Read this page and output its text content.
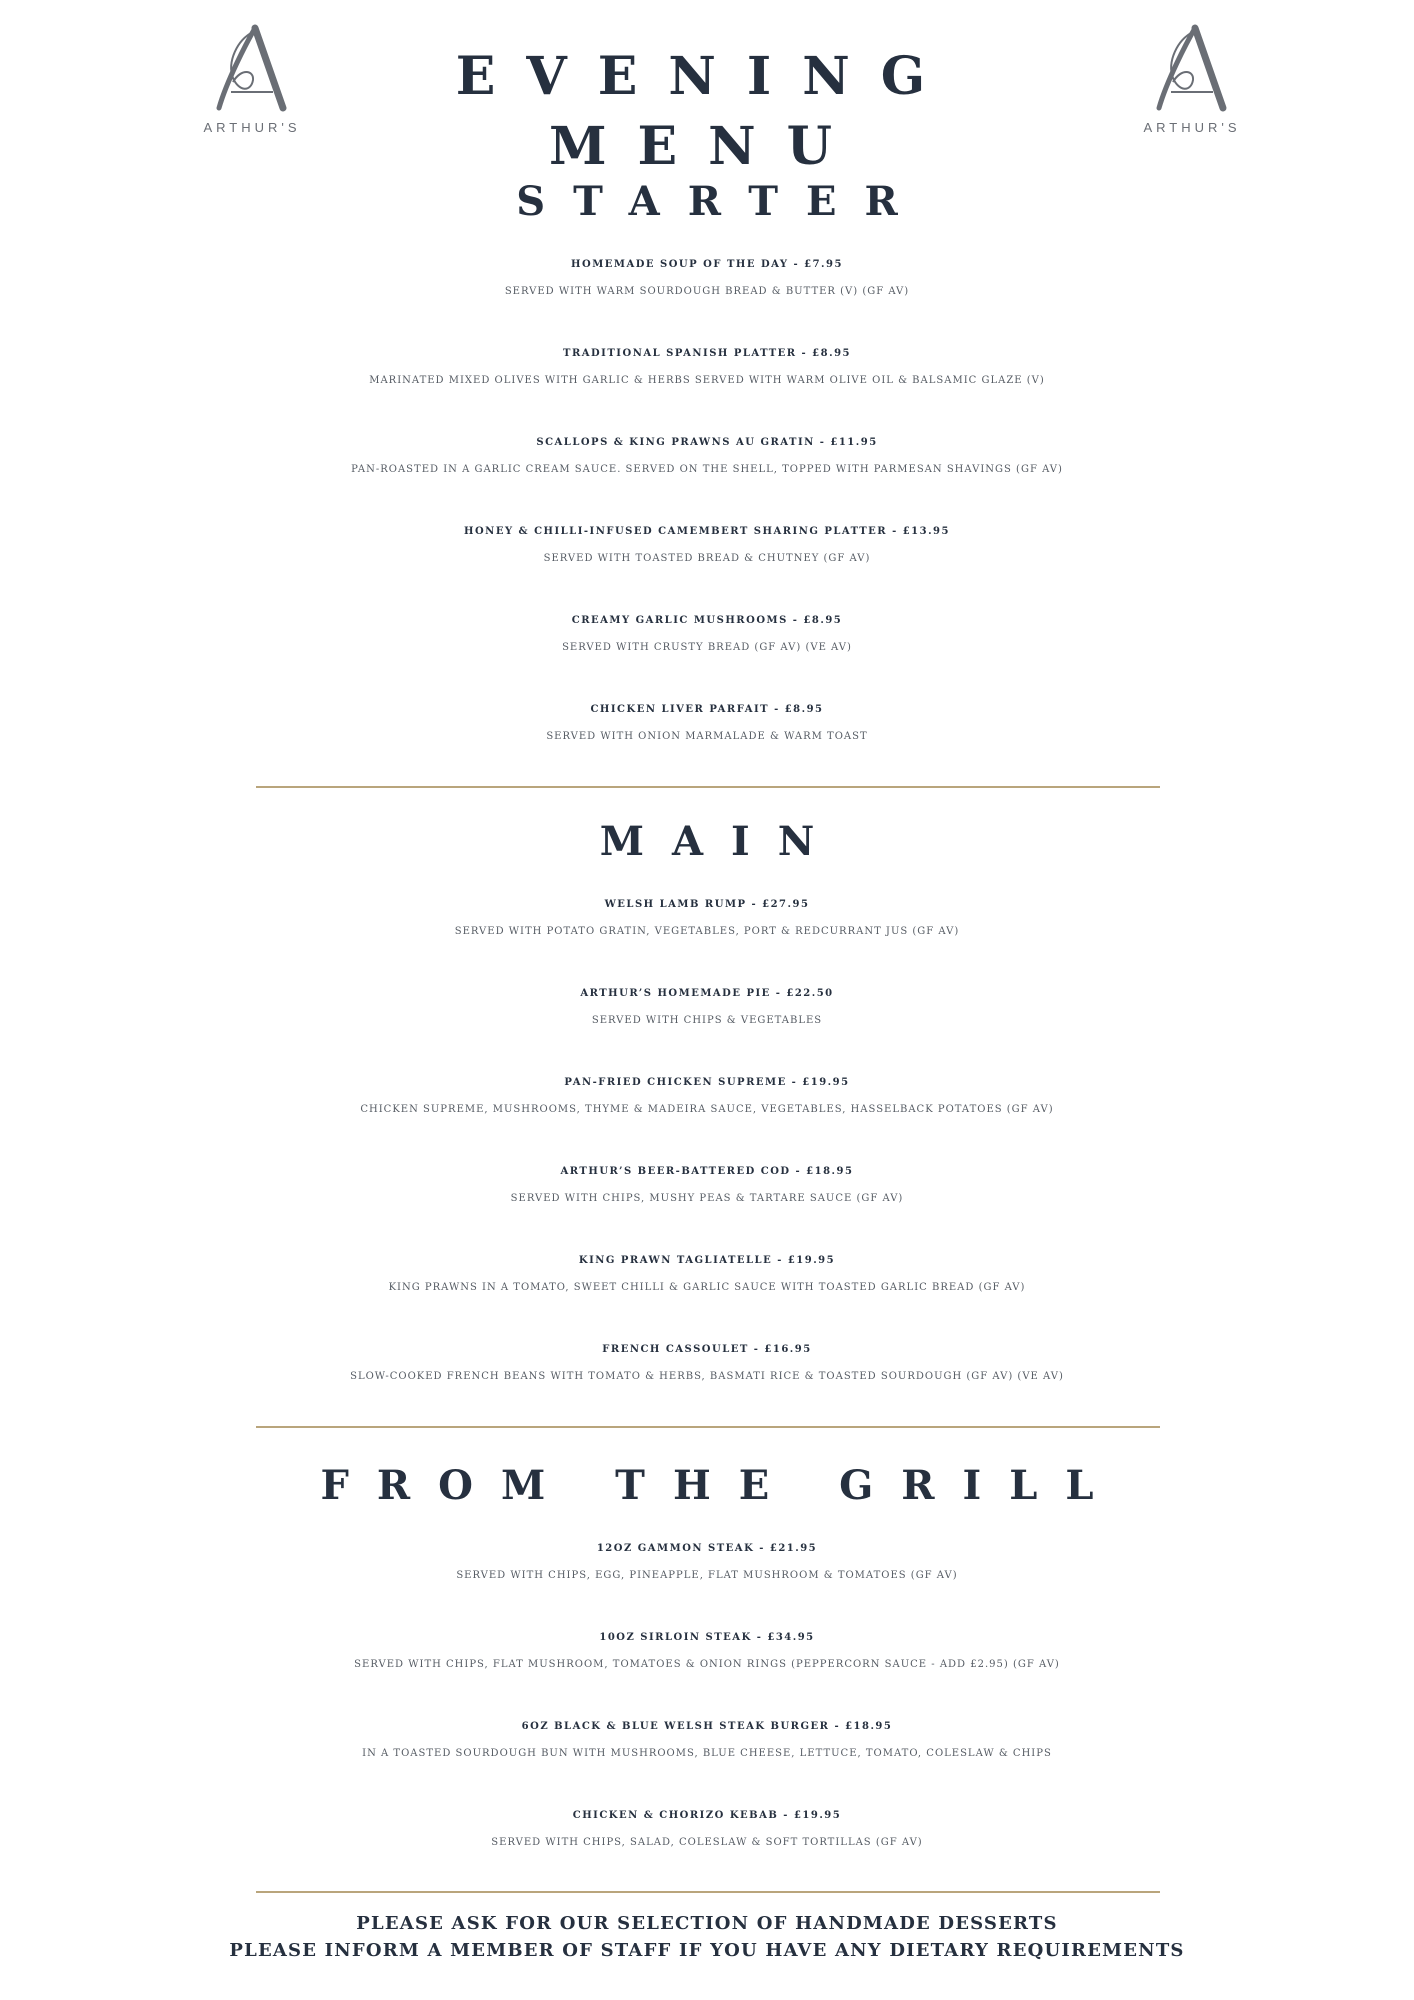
ARTHUR'S
EVENING MENU	ARTHUR'S
STARTER
HOMEMADE SOUP OF THE DAY - £7.95
SERVED WITH WARM SOURDOUGH BREAD & BUTTER (V) (GF AV)
TRADITIONAL SPANISH PLATTER - £8.95
MARINATED MIXED OLIVES WITH GARLIC & HERBS SERVED WITH WARM OLIVE OIL & BALSAMIC GLAZE (V)
SCALLOPS & KING PRAWNS AU GRATIN - £11.95
PAN-ROASTED IN A GARLIC CREAM SAUCE. SERVED ON THE SHELL, TOPPED WITH PARMESAN SHAVINGS (GF AV)
HONEY & CHILLI-INFUSED CAMEMBERT SHARING PLATTER - £13.95
SERVED WITH TOASTED BREAD & CHUTNEY (GF AV)
CREAMY GARLIC MUSHROOMS - £8.95
SERVED WITH CRUSTY BREAD (GF AV) (VE AV)
CHICKEN LIVER PARFAIT - £8.95
SERVED WITH ONION MARMALADE & WARM TOAST
MAIN
WELSH LAMB RUMP - £27.95
SERVED WITH POTATO GRATIN, VEGETABLES, PORT & REDCURRANT JUS (GF AV)
ARTHUR’S HOMEMADE PIE - £22.50
SERVED WITH CHIPS & VEGETABLES
PAN-FRIED CHICKEN SUPREME - £19.95
CHICKEN SUPREME, MUSHROOMS, THYME & MADEIRA SAUCE, VEGETABLES, HASSELBACK POTATOES (GF AV)
ARTHUR’S BEER-BATTERED COD - £18.95
SERVED WITH CHIPS, MUSHY PEAS & TARTARE SAUCE (GF AV)
KING PRAWN TAGLIATELLE - £19.95
KING PRAWNS IN A TOMATO, SWEET CHILLI & GARLIC SAUCE WITH TOASTED GARLIC BREAD (GF AV)
FRENCH CASSOULET - £16.95
SLOW-COOKED FRENCH BEANS WITH TOMATO & HERBS, BASMATI RICE & TOASTED SOURDOUGH (GF AV) (VE AV)
FROM THE GRILL
12OZ GAMMON STEAK - £21.95
SERVED WITH CHIPS, EGG, PINEAPPLE, FLAT MUSHROOM & TOMATOES (GF AV)
10OZ SIRLOIN STEAK - £34.95
SERVED WITH CHIPS, FLAT MUSHROOM, TOMATOES & ONION RINGS (PEPPERCORN SAUCE - ADD £2.95) (GF AV)
6OZ BLACK & BLUE WELSH STEAK BURGER - £18.95
IN A TOASTED SOURDOUGH BUN WITH MUSHROOMS, BLUE CHEESE, LETTUCE, TOMATO, COLESLAW & CHIPS
CHICKEN & CHORIZO KEBAB - £19.95
SERVED WITH CHIPS, SALAD, COLESLAW & SOFT TORTILLAS (GF AV)
PLEASE ASK FOR OUR SELECTION OF HANDMADE DESSERTS
PLEASE INFORM A MEMBER OF STAFF IF YOU HAVE ANY DIETARY REQUIREMENTS
